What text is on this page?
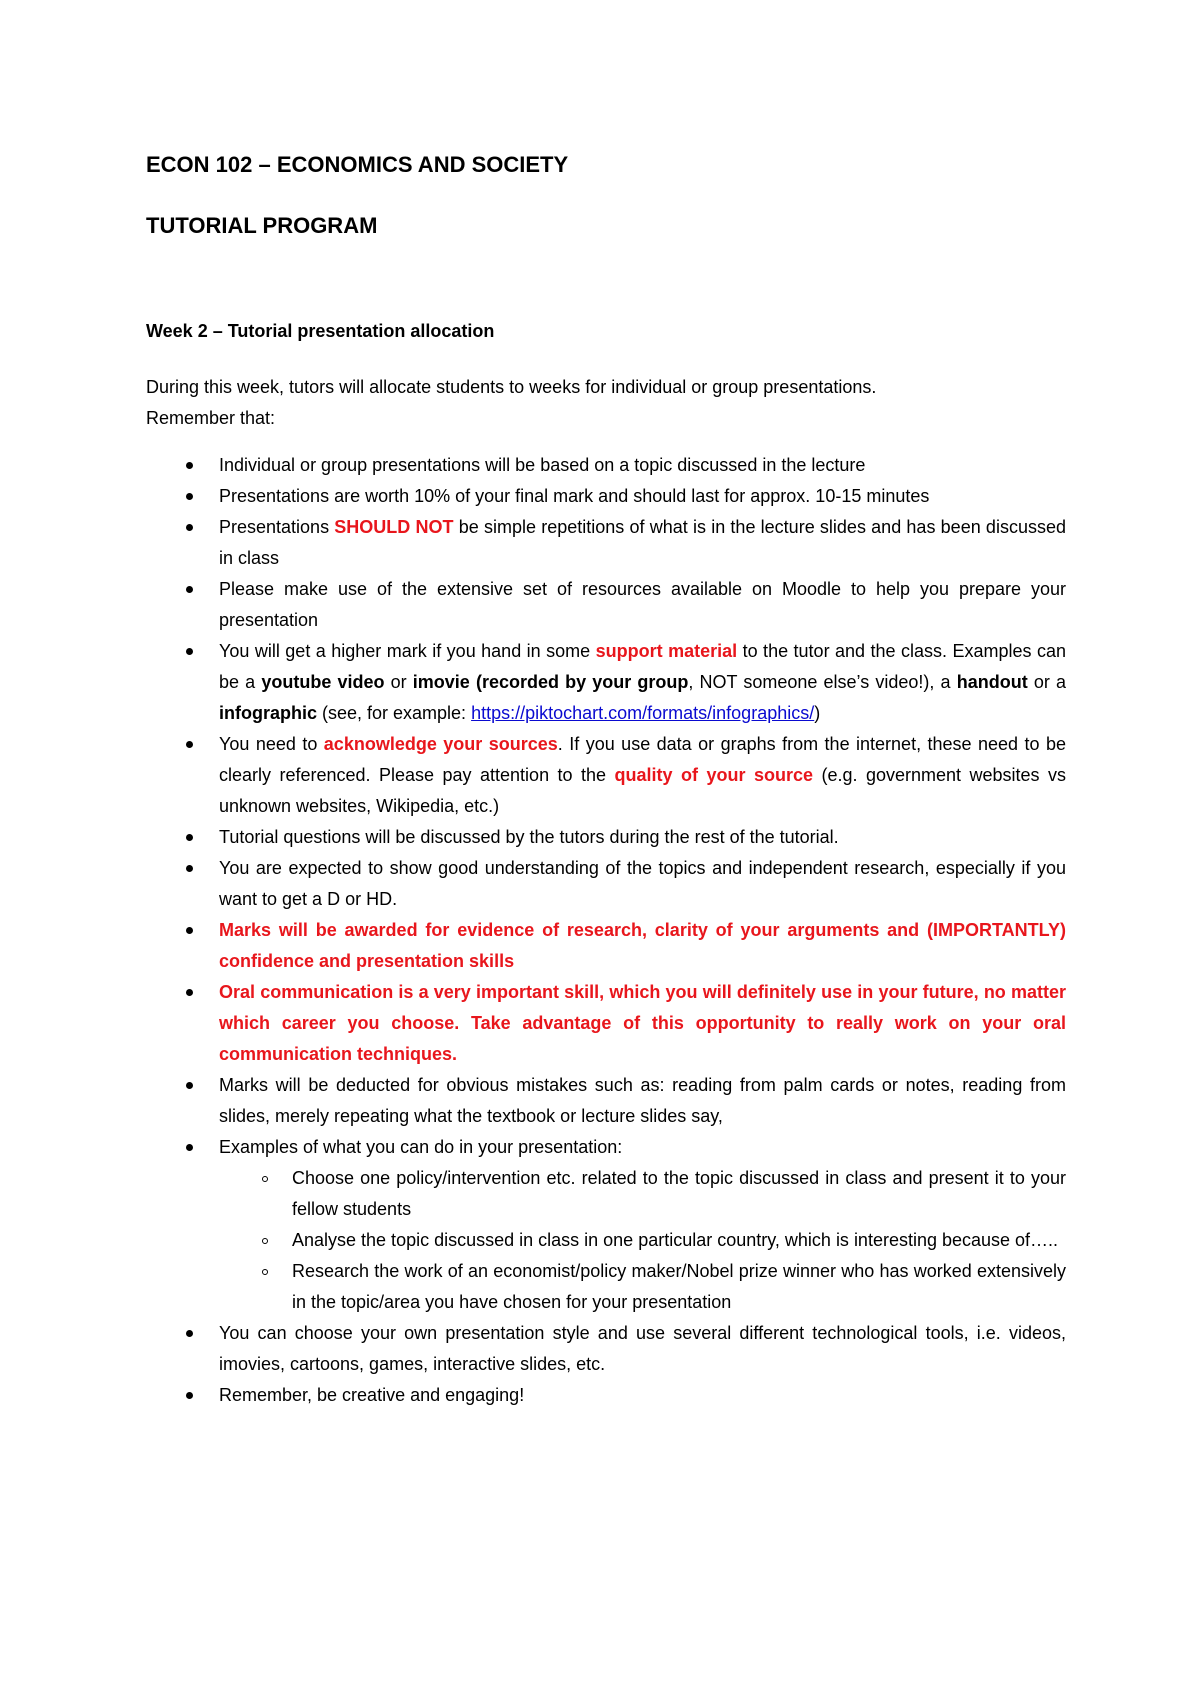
ECON 102 – ECONOMICS AND SOCIETY
TUTORIAL PROGRAM
Week 2 – Tutorial presentation allocation

During this week, tutors will allocate students to weeks for individual or group presentations.

Remember that:

Individual or group presentations will be based on a topic discussed in the lecture
Presentations are worth 10% of your final mark and should last for approx. 10-15 minutes
Presentations SHOULD NOT be simple repetitions of what is in the lecture slides and has been discussed in class
Please make use of the extensive set of resources available on Moodle to help you prepare your presentation
You will get a higher mark if you hand in some support material to the tutor and the class. Examples can be a youtube video or imovie (recorded by your group, NOT someone else’s video!), a handout or a infographic (see, for example: https://piktochart.com/formats/infographics/)
You need to acknowledge your sources. If you use data or graphs from the internet, these need to be clearly referenced. Please pay attention to the quality of your source (e.g. government websites vs unknown websites, Wikipedia, etc.)
Tutorial questions will be discussed by the tutors during the rest of the tutorial.
You are expected to show good understanding of the topics and independent research, especially if you want to get a D or HD.
Marks will be awarded for evidence of research, clarity of your arguments and (IMPORTANTLY) confidence and presentation skills
Oral communication is a very important skill, which you will definitely use in your future, no matter which career you choose. Take advantage of this opportunity to really work on your oral communication techniques.
Marks will be deducted for obvious mistakes such as: reading from palm cards or notes, reading from slides, merely repeating what the textbook or lecture slides say,
Examples of what you can do in your presentation:
Choose one policy/intervention etc. related to the topic discussed in class and present it to your fellow students
Analyse the topic discussed in class in one particular country, which is interesting because of…..
Research the work of an economist/policy maker/Nobel prize winner who has worked extensively in the topic/area you have chosen for your presentation
You can choose your own presentation style and use several different technological tools, i.e. videos, imovies, cartoons, games, interactive slides, etc.
Remember, be creative and engaging!
